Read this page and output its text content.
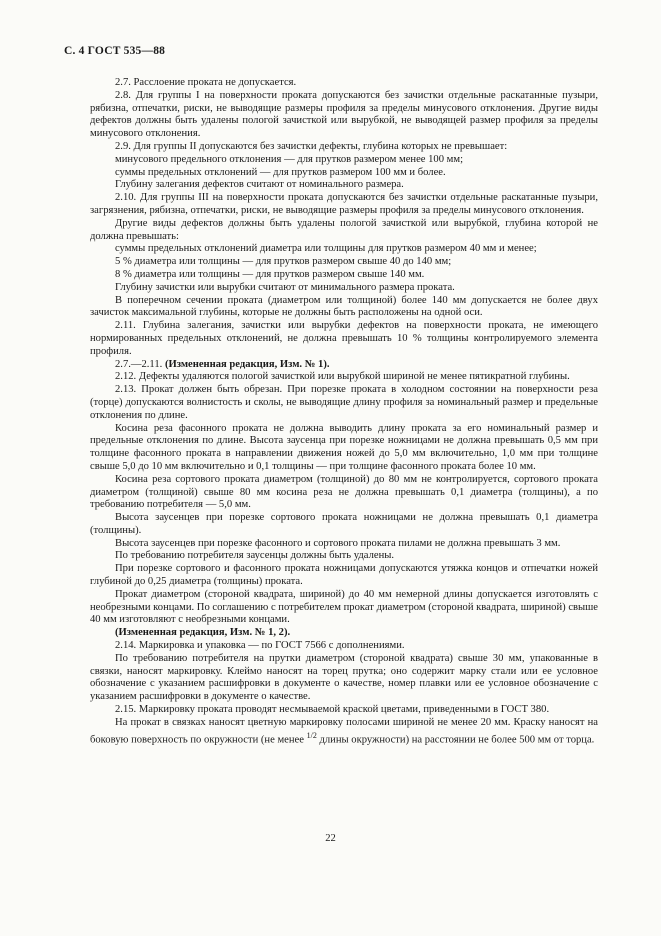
С. 4 ГОСТ 535—88

2.7. Расслоение проката не допускается.

2.8. Для группы I на поверхности проката допускаются без зачистки отдельные раскатанные пузыри, рябизна, отпечатки, риски, не выводящие размеры профиля за пределы минусового отклонения. Другие виды дефектов должны быть удалены пологой зачисткой или вырубкой, не выводящей размер профиля за пределы минусового отклонения.

2.9. Для группы II допускаются без зачистки дефекты, глубина которых не превышает:

минусового предельного отклонения — для прутков размером менее 100 мм;

суммы предельных отклонений — для прутков размером 100 мм и более.

Глубину залегания дефектов считают от номинального размера.

2.10. Для группы III на поверхности проката допускаются без зачистки отдельные раскатанные пузыри, загрязнения, рябизна, отпечатки, риски, не выводящие размеры профиля за пределы минусового отклонения.

Другие виды дефектов должны быть удалены пологой зачисткой или вырубкой, глубина которой не должна превышать:

суммы предельных отклонений диаметра или толщины для прутков размером 40 мм и менее;

5 % диаметра или толщины — для прутков размером свыше 40 до 140 мм;

8 % диаметра или толщины — для прутков размером свыше 140 мм.

Глубину зачистки или вырубки считают от минимального размера проката.

В поперечном сечении проката (диаметром или толщиной) более 140 мм допускается не более двух зачисток максимальной глубины, которые не должны быть расположены на одной оси.

2.11. Глубина залегания, зачистки или вырубки дефектов на поверхности проката, не имеющего нормированных предельных отклонений, не должна превышать 10 % толщины контролируемого элемента профиля.

2.7.—2.11. (Измененная редакция, Изм. № 1).

2.12. Дефекты удаляются пологой зачисткой или вырубкой шириной не менее пятикратной глубины.

2.13. Прокат должен быть обрезан. При порезке проката в холодном состоянии на поверхности реза (торце) допускаются волнистость и сколы, не выводящие длину профиля за номинальный размер и предельные отклонения по длине.

Косина реза фасонного проката не должна выводить длину проката за его номинальный размер и предельные отклонения по длине. Высота заусенца при порезке ножницами не должна превышать 0,5 мм при толщине фасонного проката в направлении движения ножей до 5,0 мм включительно, 1,0 мм при толщине свыше 5,0 до 10 мм включительно и 0,1 толщины — при толщине фасонного проката более 10 мм.

Косина реза сортового проката диаметром (толщиной) до 80 мм не контролируется, сортового проката диаметром (толщиной) свыше 80 мм косина реза не должна превышать 0,1 диаметра (толщины), а по требованию потребителя — 5,0 мм.

Высота заусенцев при порезке сортового проката ножницами не должна превышать 0,1 диаметра (толщины).

Высота заусенцев при порезке фасонного и сортового проката пилами не должна превышать 3 мм.

По требованию потребителя заусенцы должны быть удалены.

При порезке сортового и фасонного проката ножницами допускаются утяжка концов и отпечатки ножей глубиной до 0,25 диаметра (толщины) проката.

Прокат диаметром (стороной квадрата, шириной) до 40 мм немерной длины допускается изготовлять с необрезными концами. По соглашению с потребителем прокат диаметром (стороной квадрата, шириной) свыше 40 мм изготовляют с необрезными концами.

(Измененная редакция, Изм. № 1, 2).

2.14. Маркировка и упаковка — по ГОСТ 7566 с дополнениями.

По требованию потребителя на прутки диаметром (стороной квадрата) свыше 30 мм, упакованные в связки, наносят маркировку. Клеймо наносят на торец прутка; оно содержит марку стали или ее условное обозначение с указанием расшифровки в документе о качестве, номер плавки или ее условное обозначение с указанием расшифровки в документе о качестве.

2.15. Маркировку проката проводят несмываемой краской цветами, приведенными в ГОСТ 380.

На прокат в связках наносят цветную маркировку полосами шириной не менее 20 мм. Краску наносят на боковую поверхность по окружности (не менее $^{1/2}$ длины окружности) на расстоянии не более 500 мм от торца.

22
